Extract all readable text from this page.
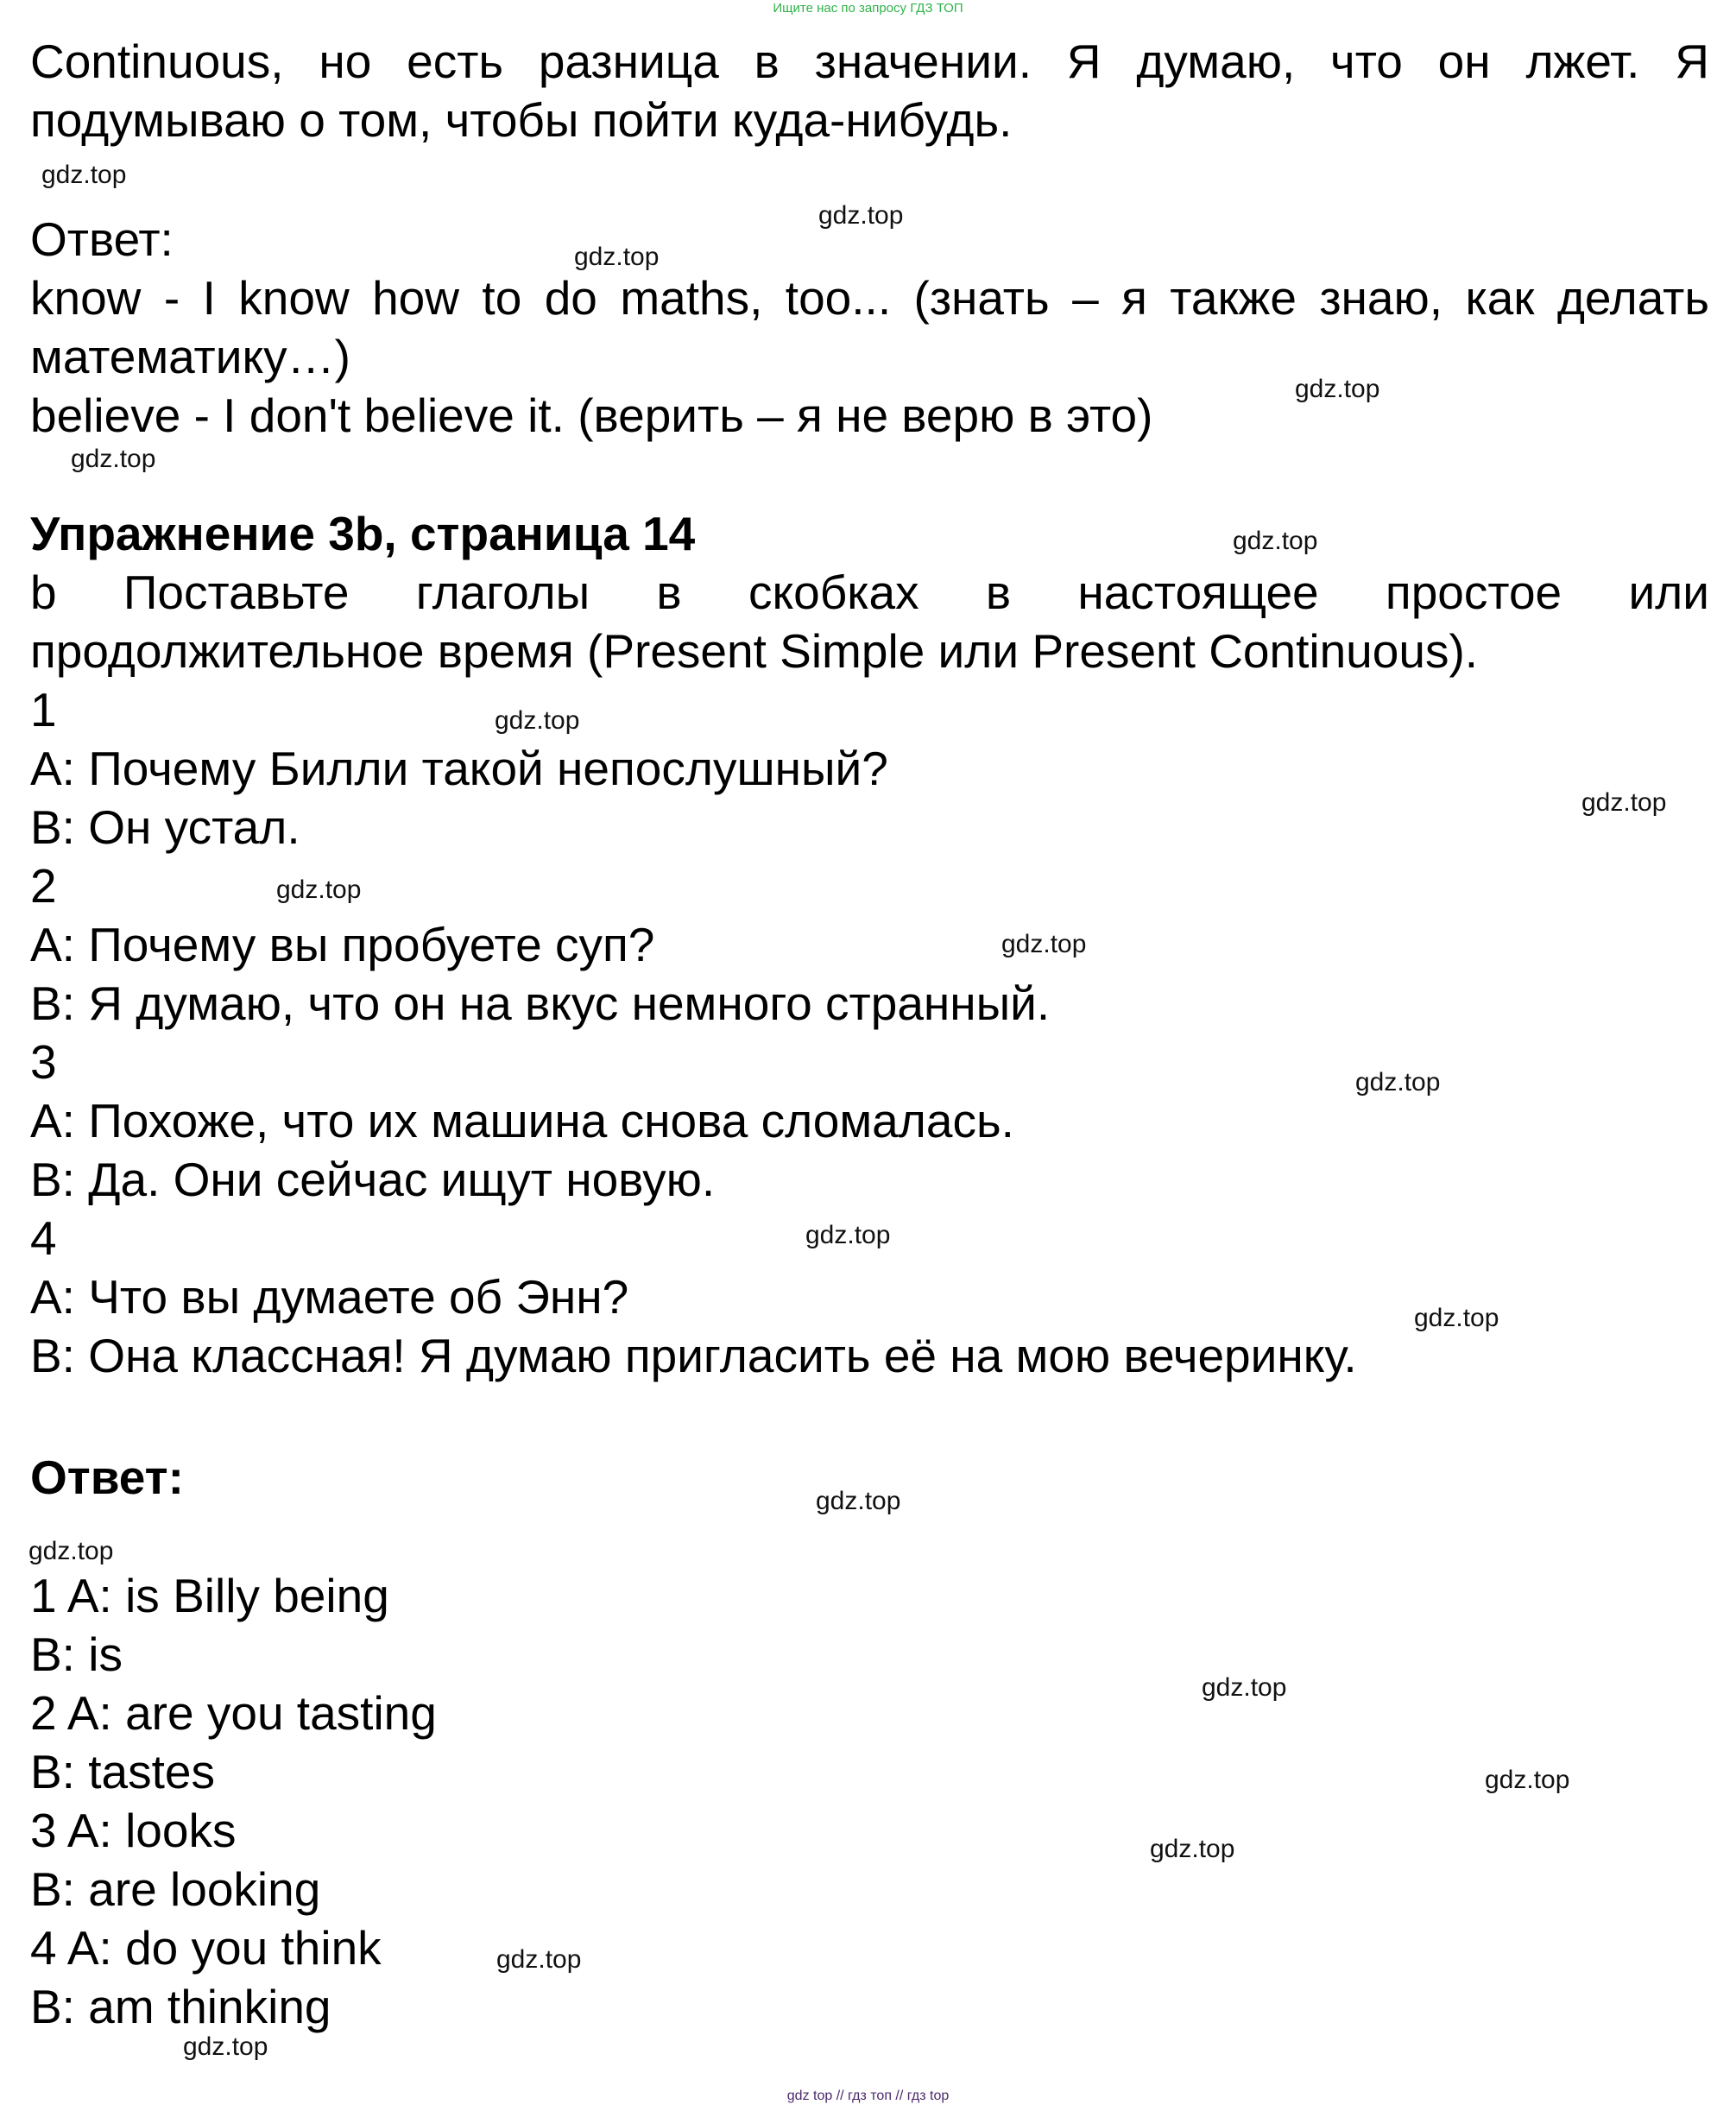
Ищите нас по запросу ГДЗ ТОП
Continuous, но есть разница в значении. Я думаю, что он лжет. Я
подумываю о том, чтобы пойти куда-нибудь.
Ответ:
know - I know how to do maths, too... (знать – я также знаю, как делать
математику…)
believe - I don't believe it. (верить – я не верю в это)
Упражнение 3b, страница 14
b Поставьте глаголы в скобках в настоящее простое или
продолжительное время (Present Simple или Present Continuous).
1
A: Почему Билли такой непослушный?
B: Он устал.
2
A: Почему вы пробуете суп?
B: Я думаю, что он на вкус немного странный.
3
A: Похоже, что их машина снова сломалась.
B: Да. Они сейчас ищут новую.
4
A: Что вы думаете об Энн?
B: Она классная! Я думаю пригласить её на мою вечеринку.
Ответ:
1 A: is Billy being
B: is
2 A: are you tasting
B: tastes
3 A: looks
B: are looking
4 A: do you think
B: am thinking
gdz.top
gdz.top
gdz.top
gdz.top
gdz.top
gdz.top
gdz.top
gdz.top
gdz.top
gdz.top
gdz.top
gdz.top
gdz.top
gdz.top
gdz.top
gdz.top
gdz.top
gdz.top
gdz.top
gdz.top
gdz top // гдз топ // гдз top
